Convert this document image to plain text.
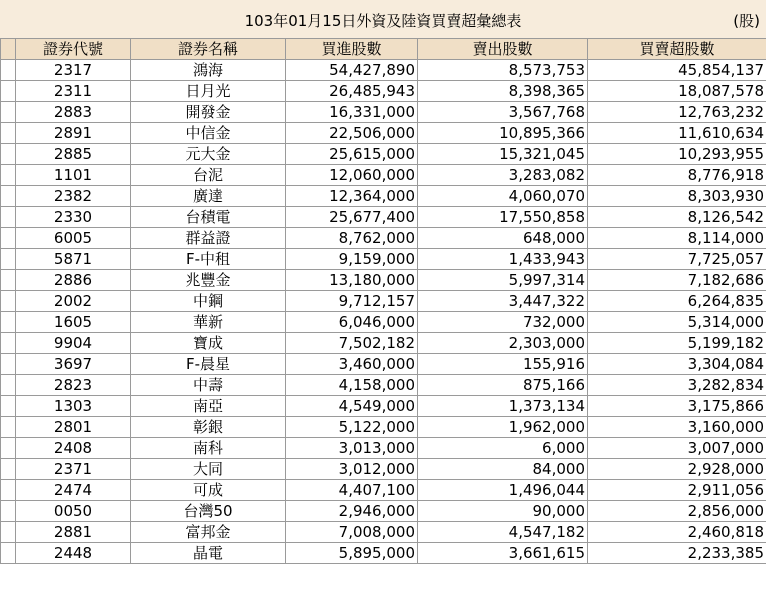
103年01月15日外資及陸資買賣超彙總表	(股)
	證券代號	證券名稱	買進股數	賣出股數	買賣超股數
	2317	鴻海	54,427,890	8,573,753	45,854,137
	2311	日月光	26,485,943	8,398,365	18,087,578
	2883	開發金	16,331,000	3,567,768	12,763,232
	2891	中信金	22,506,000	10,895,366	11,610,634
	2885	元大金	25,615,000	15,321,045	10,293,955
	1101	台泥	12,060,000	3,283,082	8,776,918
	2382	廣達	12,364,000	4,060,070	8,303,930
	2330	台積電	25,677,400	17,550,858	8,126,542
	6005	群益證	8,762,000	648,000	8,114,000
	5871	F-中租	9,159,000	1,433,943	7,725,057
	2886	兆豐金	13,180,000	5,997,314	7,182,686
	2002	中鋼	9,712,157	3,447,322	6,264,835
	1605	華新	6,046,000	732,000	5,314,000
	9904	寶成	7,502,182	2,303,000	5,199,182
	3697	F-晨星	3,460,000	155,916	3,304,084
	2823	中壽	4,158,000	875,166	3,282,834
	1303	南亞	4,549,000	1,373,134	3,175,866
	2801	彰銀	5,122,000	1,962,000	3,160,000
	2408	南科	3,013,000	6,000	3,007,000
	2371	大同	3,012,000	84,000	2,928,000
	2474	可成	4,407,100	1,496,044	2,911,056
	0050	台灣50	2,946,000	90,000	2,856,000
	2881	富邦金	7,008,000	4,547,182	2,460,818
	2448	晶電	5,895,000	3,661,615	2,233,385
